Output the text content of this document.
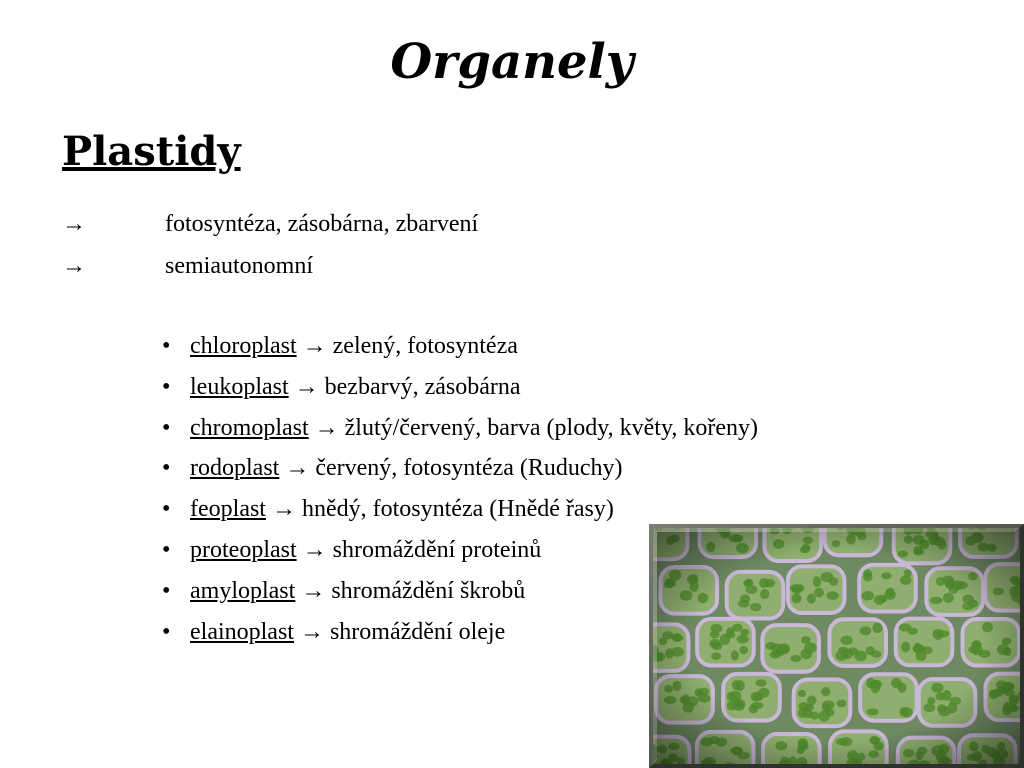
Organely
Plastidy
→	fotosyntéza, zásobárna, zbarvení
→	semiautonomní
• chloroplast
→ zelený, fotosyntéza
• leukoplast
→ bezbarvý, zásobárna
• chromoplast
→ žlutý/červený, barva (plody, květy, kořeny)
• rodoplast
→ červený, fotosyntéza (Ruduchy)
• feoplast
→ hnědý, fotosyntéza (Hnědé řasy)
• proteoplast
→ shromáždění proteinů
• amyloplast
→ shromáždění škrobů
• elainoplast
→ shromáždění oleje
